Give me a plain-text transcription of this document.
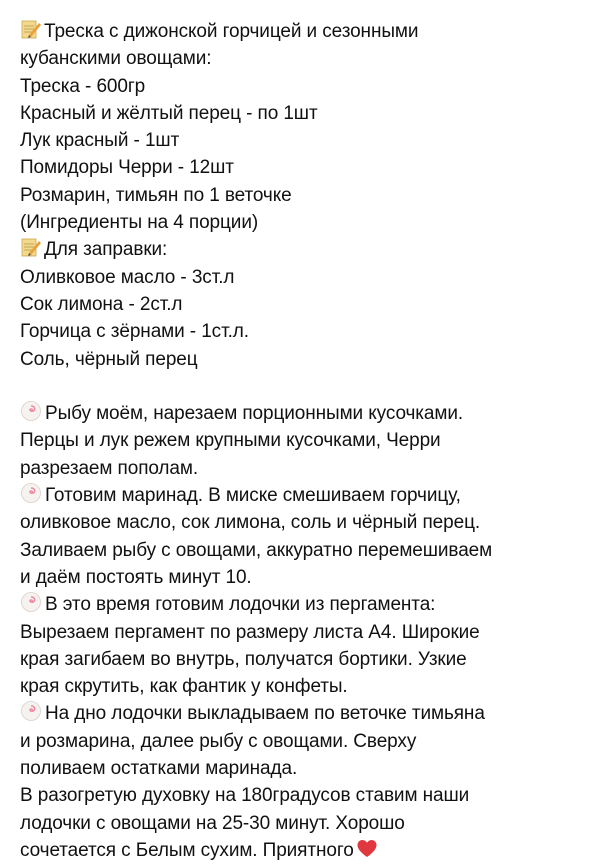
Треска с дижонской горчицей и сезонными
кубанскими овощами:
Треска - 600гр
Красный и жёлтый перец - по 1шт
Лук красный - 1шт
Помидоры Черри - 12шт
Розмарин, тимьян по 1 веточке
(Ингредиенты на 4 порции)
Для заправки:
Оливковое масло - 3ст.л
Сок лимона - 2ст.л
Горчица с зёрнами - 1ст.л.
Соль, чёрный перец
Рыбу моём, нарезаем порционными кусочками.
Перцы и лук режем крупными кусочками, Черри
разрезаем пополам.
Готовим маринад. В миске смешиваем горчицу,
оливковое масло, сок лимона, соль и чёрный перец.
Заливаем рыбу с овощами, аккуратно перемешиваем
и даём постоять минут 10.
В это время готовим лодочки из пергамента:
Вырезаем пергамент по размеру листа А4. Широкие
края загибаем во внутрь, получатся бортики. Узкие
края скрутить, как фантик у конфеты.
На дно лодочки выкладываем по веточке тимьяна
и розмарина, далее рыбу с овощами. Сверху
поливаем остатками маринада.
В разогретую духовку на 180градусов ставим наши
лодочки с овощами на 25-30 минут. Хорошо
сочетается с Белым сухим. Приятного
